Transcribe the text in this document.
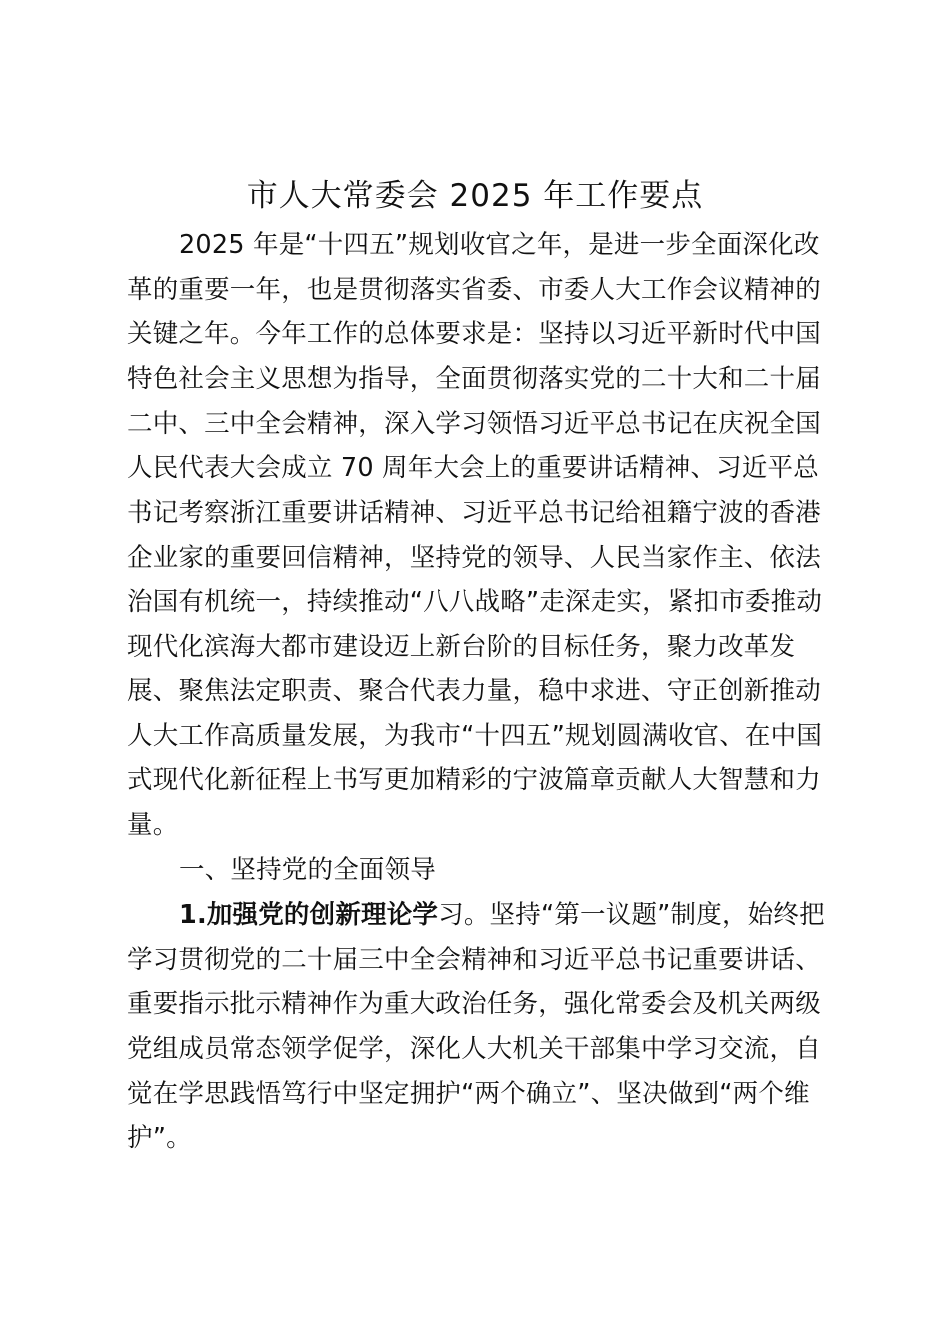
市人大常委会 2025 年工作要点
2025 年是“十四五”规划收官之年，是进一步全面深化改
革的重要一年，也是贯彻落实省委、市委人大工作会议精神的
关键之年。今年工作的总体要求是：坚持以习近平新时代中国
特色社会主义思想为指导，全面贯彻落实党的二十大和二十届
二中、三中全会精神，深入学习领悟习近平总书记在庆祝全国
人民代表大会成立 70 周年大会上的重要讲话精神、习近平总
书记考察浙江重要讲话精神、习近平总书记给祖籍宁波的香港
企业家的重要回信精神，坚持党的领导、人民当家作主、依法
治国有机统一，持续推动“八八战略”走深走实，紧扣市委推动
现代化滨海大都市建设迈上新台阶的目标任务，聚力改革发
展、聚焦法定职责、聚合代表力量，稳中求进、守正创新推动
人大工作高质量发展，为我市“十四五”规划圆满收官、在中国
式现代化新征程上书写更加精彩的宁波篇章贡献人大智慧和力
量。
一、坚持党的全面领导
1.加强党的创新理论学习。坚持“第一议题”制度，始终把
学习贯彻党的二十届三中全会精神和习近平总书记重要讲话、
重要指示批示精神作为重大政治任务，强化常委会及机关两级
党组成员常态领学促学，深化人大机关干部集中学习交流，自
觉在学思践悟笃行中坚定拥护“两个确立”、坚决做到“两个维
护”。
